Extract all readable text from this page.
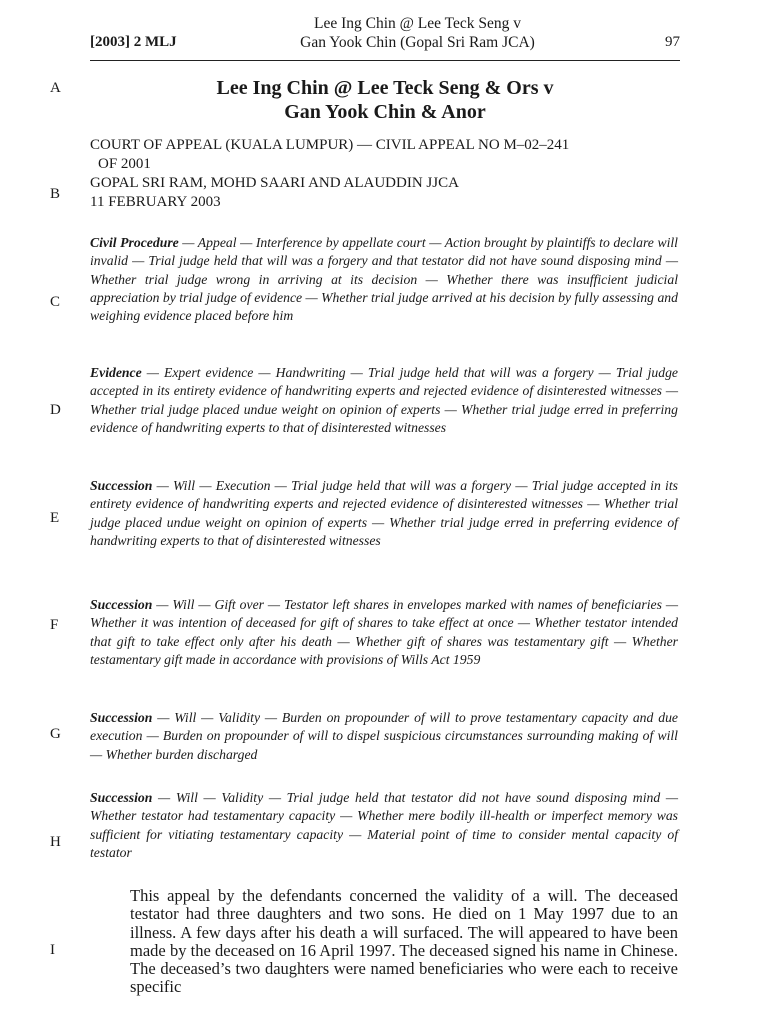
[2003] 2 MLJ
Lee Ing Chin @ Lee Teck Seng v
Gan Yook Chin (Gopal Sri Ram JCA)	97
A
B
C
D
E
F
G
H
I
Lee Ing Chin @ Lee Teck Seng & Ors v
Gan Yook Chin & Anor
COURT OF APPEAL (KUALA LUMPUR) — CIVIL APPEAL NO M–02–241
OF 2001
GOPAL SRI RAM, MOHD SAARI AND ALAUDDIN JJCA
11 FEBRUARY 2003
Civil Procedure — Appeal — Interference by appellate court — Action brought by plaintiffs to declare will invalid — Trial judge held that will was a forgery and that testator did not have sound disposing mind — Whether trial judge wrong in arriving at its decision — Whether there was insufficient judicial appreciation by trial judge of evidence — Whether trial judge arrived at his decision by fully assessing and weighing evidence placed before him
Evidence — Expert evidence — Handwriting — Trial judge held that will was a forgery — Trial judge accepted in its entirety evidence of handwriting experts and rejected evidence of disinterested witnesses — Whether trial judge placed undue weight on opinion of experts — Whether trial judge erred in preferring evidence of handwriting experts to that of disinterested witnesses
Succession — Will — Execution — Trial judge held that will was a forgery — Trial judge accepted in its entirety evidence of handwriting experts and rejected evidence of disinterested witnesses — Whether trial judge placed undue weight on opinion of experts — Whether trial judge erred in preferring evidence of handwriting experts to that of disinterested witnesses
Succession — Will — Gift over — Testator left shares in envelopes marked with names of beneficiaries — Whether it was intention of deceased for gift of shares to take effect at once — Whether testator intended that gift to take effect only after his death — Whether gift of shares was testamentary gift — Whether testamentary gift made in accordance with provisions of Wills Act 1959
Succession — Will — Validity — Burden on propounder of will to prove testamentary capacity and due execution — Burden on propounder of will to dispel suspicious circumstances surrounding making of will — Whether burden discharged
Succession — Will — Validity — Trial judge held that testator did not have sound disposing mind — Whether testator had testamentary capacity — Whether mere bodily ill-health or imperfect memory was sufficient for vitiating testamentary capacity — Material point of time to consider mental capacity of testator
This appeal by the defendants concerned the validity of a will. The deceased testator had three daughters and two sons. He died on 1 May 1997 due to an illness. A few days after his death a will surfaced. The will appeared to have been made by the deceased on 16 April 1997. The deceased signed his name in Chinese. The deceased’s two daughters were named beneficiaries who were each to receive specific
